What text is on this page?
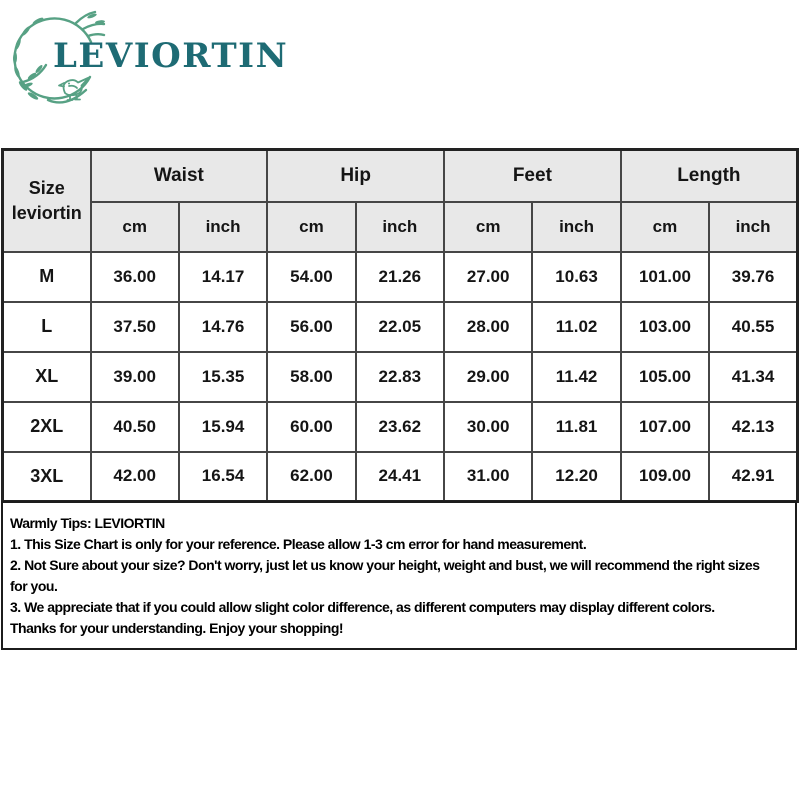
LEVIORTIN
Size
leviortin	Waist		Hip		Feet		Length	
	cm	inch	cm	inch	cm	inch	cm	inch
M	36.00	14.17	54.00	21.26	27.00	10.63	101.00	39.76
L	37.50	14.76	56.00	22.05	28.00	11.02	103.00	40.55
XL	39.00	15.35	58.00	22.83	29.00	11.42	105.00	41.34
2XL	40.50	15.94	60.00	23.62	30.00	11.81	107.00	42.13
3XL	42.00	16.54	62.00	24.41	31.00	12.20	109.00	42.91
Warmly Tips: LEVIORTIN
1. This Size Chart is only for your reference. Please allow 1-3 cm error for hand measurement.
2. Not Sure about your size? Don't worry, just let us know your height, weight and bust, we will recommend the right sizes
for you.
3. We appreciate that if you could allow slight color difference, as different computers may display different colors.
Thanks for your understanding. Enjoy your shopping!
